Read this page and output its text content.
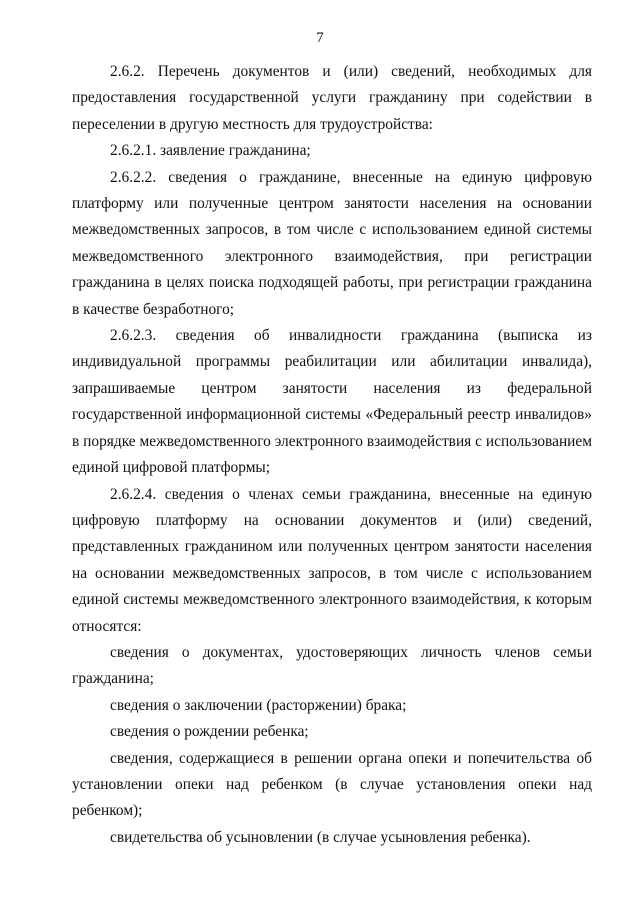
7

2.6.2. Перечень документов и (или) сведений, необходимых для предоставления государственной услуги гражданину при содействии в переселении в другую местность для трудоустройства:

2.6.2.1. заявление гражданина;

2.6.2.2. сведения о гражданине, внесенные на единую цифровую платформу или полученные центром занятости населения на основании межведомственных запросов, в том числе с использованием единой системы межведомственного электронного взаимодействия, при регистрации гражданина в целях поиска подходящей работы, при регистрации гражданина в качестве безработного;

2.6.2.3. сведения об инвалидности гражданина (выписка из индивидуальной программы реабилитации или абилитации инвалида), запрашиваемые центром занятости населения из федеральной государственной информационной системы «Федеральный реестр инвалидов» в порядке межведомственного электронного взаимодействия с использованием единой цифровой платформы;

2.6.2.4. сведения о членах семьи гражданина, внесенные на единую цифровую платформу на основании документов и (или) сведений, представленных гражданином или полученных центром занятости населения на основании межведомственных запросов, в том числе с использованием единой системы межведомственного электронного взаимодействия, к которым относятся:

сведения о документах, удостоверяющих личность членов семьи гражданина;

сведения о заключении (расторжении) брака;

сведения о рождении ребенка;

сведения, содержащиеся в решении органа опеки и попечительства об установлении опеки над ребенком (в случае установления опеки над ребенком);

свидетельства об усыновлении (в случае усыновления ребенка).
